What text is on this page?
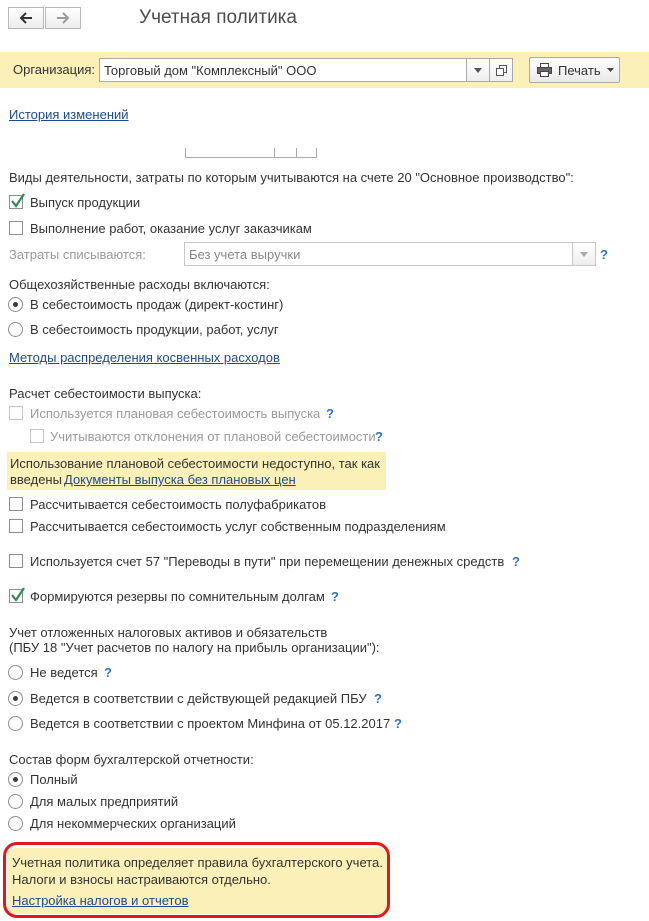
Учетная политика
Организация: Торговый дом "Комплексный" ООО	Печать
История изменений
Виды деятельности, затраты по которым учитываются на счете 20 "Основное производство":
Выпуск продукции
Выполнение работ, оказание услуг заказчикам
Затраты списываются:	Без учета выручки	?
Общехозяйственные расходы включаются:
В себестоимость продаж (директ-костинг)
В себестоимость продукции, работ, услуг
Методы распределения косвенных расходов
Расчет себестоимости выпуска:
Используется плановая себестоимость выпуска ?
Учитываются отклонения от плановой себестоимости ?
Использование плановой себестоимости недоступно, так как
введены Документы выпуска без плановых цен
Рассчитывается себестоимость полуфабрикатов
Рассчитывается себестоимость услуг собственным подразделениям
Используется счет 57 "Переводы в пути" при перемещении денежных средств ?
Формируются резервы по сомнительным долгам ?
Учет отложенных налоговых активов и обязательств
(ПБУ 18 "Учет расчетов по налогу на прибыль организации"):
Не ведется ?
Ведется в соответствии с действующей редакцией ПБУ ?
Ведется в соответствии с проектом Минфина от 05.12.2017 ?
Состав форм бухгалтерской отчетности:
Полный
Для малых предприятий
Для некоммерческих организаций
Учетная политика определяет правила бухгалтерского учета.
Налоги и взносы настраиваются отдельно.
Настройка налогов и отчетов
